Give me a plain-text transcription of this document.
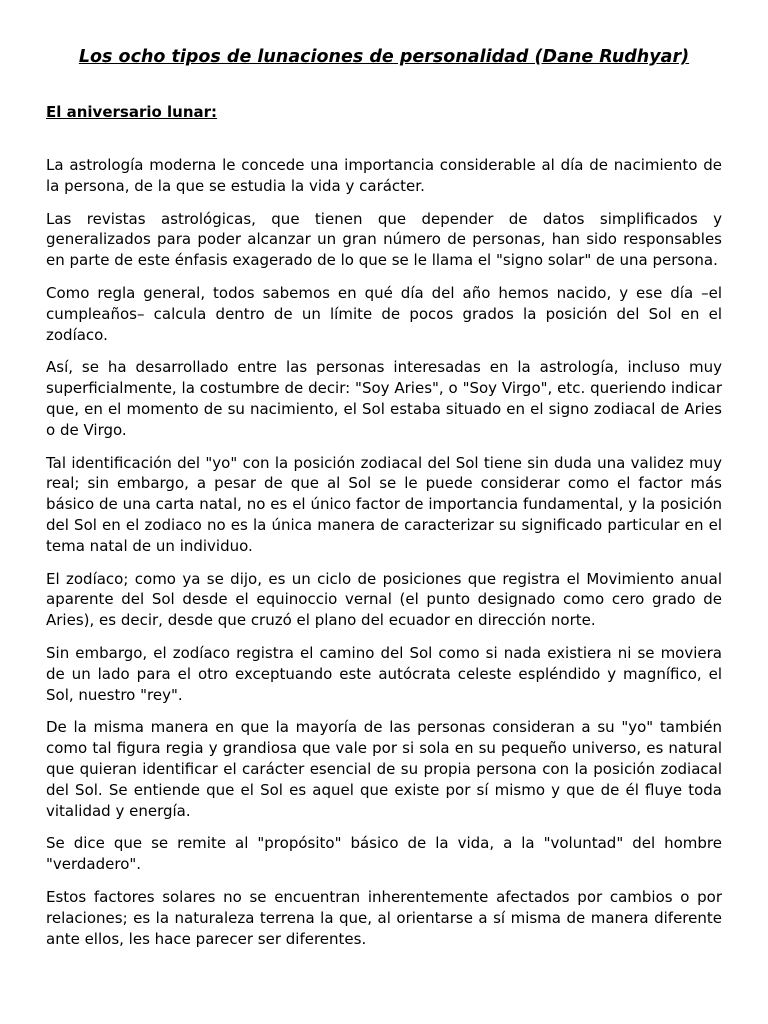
Los ocho tipos de lunaciones de personalidad (Dane Rudhyar)
El aniversario lunar:

La astrología moderna le concede una importancia considerable al día de nacimiento de la persona, de la que se estudia la vida y carácter.

Las revistas astrológicas, que tienen que depender de datos simplificados y generalizados para poder alcanzar un gran número de personas, han sido responsables en parte de este énfasis exagerado de lo que se le llama el "signo solar" de una persona.

Como regla general, todos sabemos en qué día del año hemos nacido, y ese día –el cumpleaños– calcula dentro de un límite de pocos grados la posición del Sol en el zodíaco.

Así, se ha desarrollado entre las personas interesadas en la astrología, incluso muy superficialmente, la costumbre de decir: "Soy Aries", o "Soy Virgo", etc. queriendo indicar que, en el momento de su nacimiento, el Sol estaba situado en el signo zodiacal de Aries o de Virgo.

Tal identificación del "yo" con la posición zodiacal del Sol tiene sin duda una validez muy real; sin embargo, a pesar de que al Sol se le puede considerar como el factor más básico de una carta natal, no es el único factor de importancia fundamental, y la posición del Sol en el zodiaco no es la única manera de caracterizar su significado particular en el tema natal de un individuo.

El zodíaco; como ya se dijo, es un ciclo de posiciones que registra el Movimiento anual aparente del Sol desde el equinoccio vernal (el punto designado como cero grado de Aries), es decir, desde que cruzó el plano del ecuador en dirección norte.

Sin embargo, el zodíaco registra el camino del Sol como si nada existiera ni se moviera de un lado para el otro exceptuando este autócrata celeste espléndido y magnífico, el Sol, nuestro "rey".

De la misma manera en que la mayoría de las personas consideran a su "yo" también como tal figura regia y grandiosa que vale por si sola en su pequeño universo, es natural que quieran identificar el carácter esencial de su propia persona con la posición zodiacal del Sol. Se entiende que el Sol es aquel que existe por sí mismo y que de él fluye toda vitalidad y energía.

Se dice que se remite al "propósito" básico de la vida, a la "voluntad" del hombre "verdadero".

Estos factores solares no se encuentran inherentemente afectados por cambios o por relaciones; es la naturaleza terrena la que, al orientarse a sí misma de manera diferente ante ellos, les hace parecer ser diferentes.
